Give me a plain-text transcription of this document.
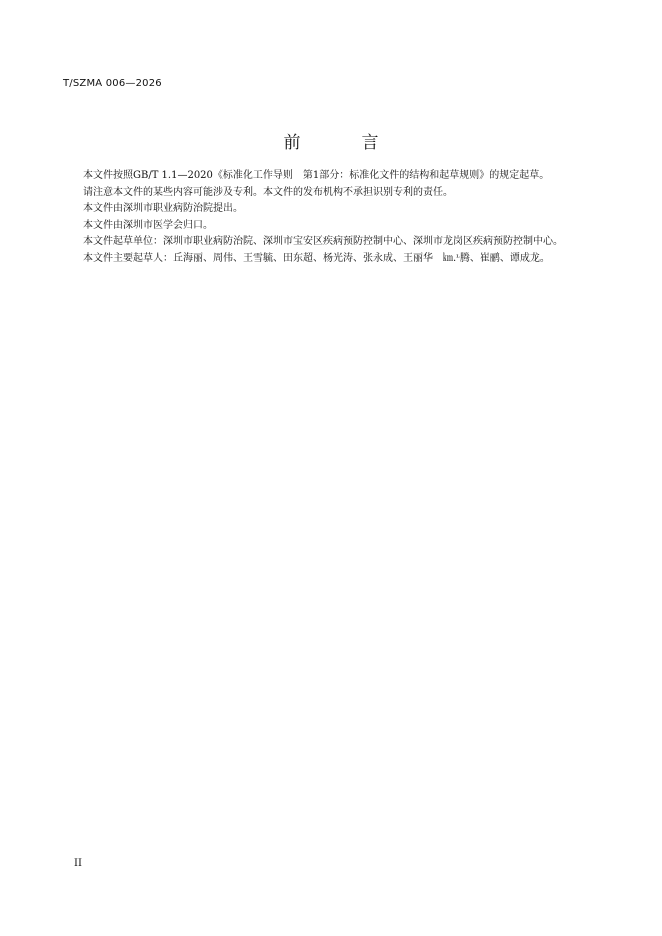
T/SZMA 006—2026
前　言

本文件按照GB/T 1.1—2020《标准化工作导则　第1部分：标准化文件的结构和起草规则》的规定起草。

请注意本文件的某些内容可能涉及专利。本文件的发布机构不承担识别专利的责任。

本文件由深圳市职业病防治院提出。

本文件由深圳市医学会归口。

本文件起草单位：深圳市职业病防治院、深圳市宝安区疾病预防控制中心、深圳市龙岗区疾病预防控制中心。

本文件主要起草人：丘海丽、周伟、王雪毓、田东超、杨光涛、张永成、王丽华　㎞.ᶫ腾、崔鹂、谭成龙。

II
